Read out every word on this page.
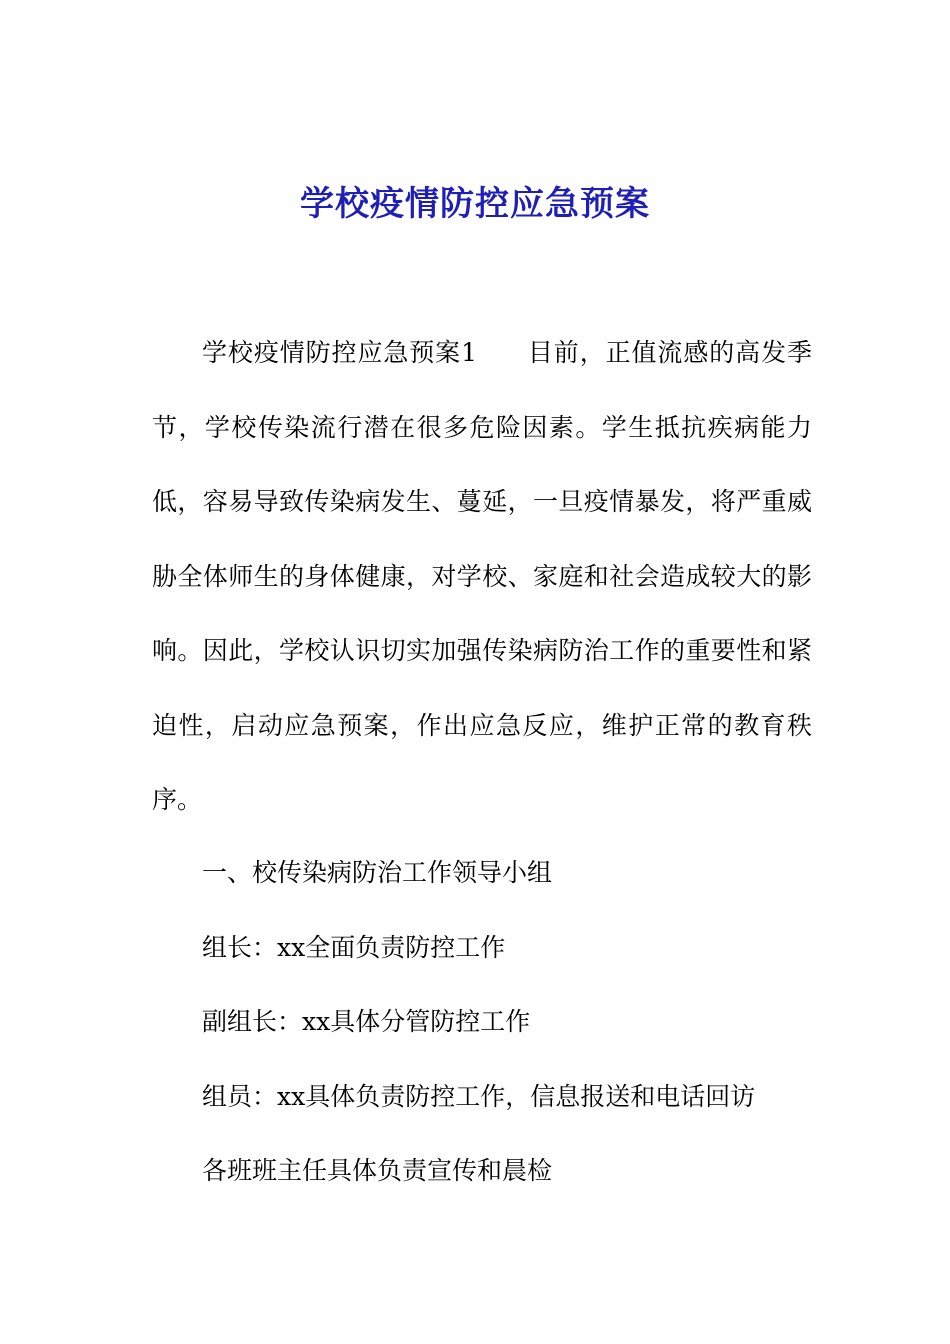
学校疫情防控应急预案
学校疫情防控应急预案1 目前，正值流感的高发季节，学校传染流行潜在很多危险因素。学生抵抗疾病能力低，容易导致传染病发生、蔓延，一旦疫情暴发，将严重威胁全体师生的身体健康，对学校、家庭和社会造成较大的影响。因此，学校认识切实加强传染病防治工作的重要性和紧迫性，启动应急预案，作出应急反应，维护正常的教育秩序。
一、校传染病防治工作领导小组
组长：xx全面负责防控工作
副组长：xx具体分管防控工作
组员：xx具体负责防控工作，信息报送和电话回访
各班班主任具体负责宣传和晨检
